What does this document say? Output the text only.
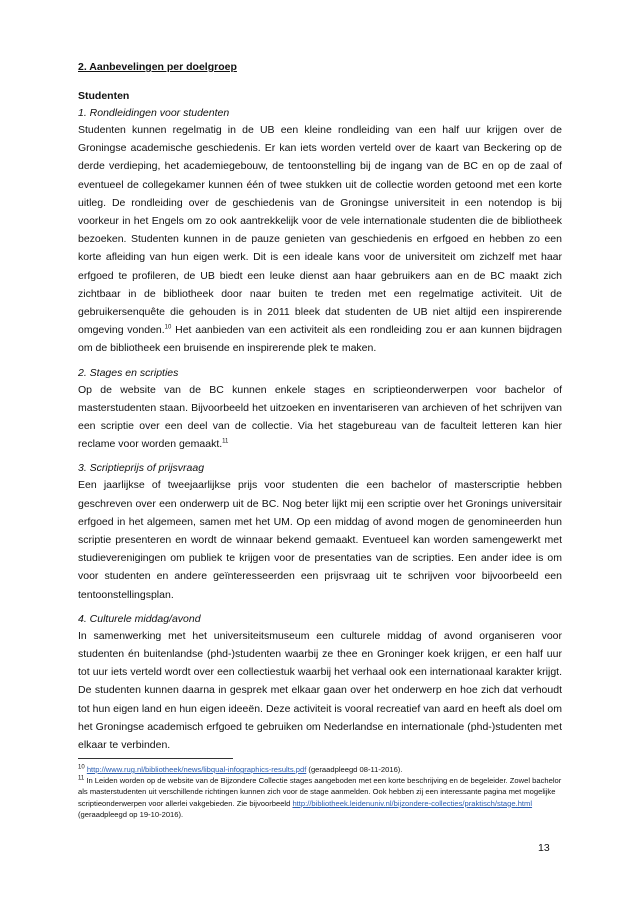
2. Aanbevelingen per doelgroep
Studenten
1. Rondleidingen voor studenten

Studenten kunnen regelmatig in de UB een kleine rondleiding van een half uur krijgen over de Groningse academische geschiedenis. Er kan iets worden verteld over de kaart van Beckering op de derde verdieping, het academiegebouw, de tentoonstelling bij de ingang van de BC en op de zaal of eventueel de collegekamer kunnen één of twee stukken uit de collectie worden getoond met een korte uitleg. De rondleiding over de geschiedenis van de Groningse universiteit in een notendop is bij voorkeur in het Engels om zo ook aantrekkelijk voor de vele internationale studenten die de bibliotheek bezoeken. Studenten kunnen in de pauze genieten van geschiedenis en erfgoed en hebben zo een korte afleiding van hun eigen werk. Dit is een ideale kans voor de universiteit om zichzelf met haar erfgoed te profileren, de UB biedt een leuke dienst aan haar gebruikers aan en de BC maakt zich zichtbaar in de bibliotheek door naar buiten te treden met een regelmatige activiteit. Uit de gebruikersenquête die gehouden is in 2011 bleek dat studenten de UB niet altijd een inspirerende omgeving vonden.$^{10}$ Het aanbieden van een activiteit als een rondleiding zou er aan kunnen bijdragen om de bibliotheek een bruisende en inspirerende plek te maken.

2. Stages en scripties

Op de website van de BC kunnen enkele stages en scriptieonderwerpen voor bachelor of masterstudenten staan. Bijvoorbeeld het uitzoeken en inventariseren van archieven of het schrijven van een scriptie over een deel van de collectie. Via het stagebureau van de faculteit letteren kan hier reclame voor worden gemaakt.$^{11}$

3. Scriptieprijs of prijsvraag

Een jaarlijkse of tweejaarlijkse prijs voor studenten die een bachelor of masterscriptie hebben geschreven over een onderwerp uit de BC. Nog beter lijkt mij een scriptie over het Gronings universitair erfgoed in het algemeen, samen met het UM. Op een middag of avond mogen de genomineerden hun scriptie presenteren en wordt de winnaar bekend gemaakt. Eventueel kan worden samengewerkt met studieverenigingen om publiek te krijgen voor de presentaties van de scripties. Een ander idee is om voor studenten en andere geïnteresseerden een prijsvraag uit te schrijven voor bijvoorbeeld een tentoonstellingsplan.

4. Culturele middag/avond

In samenwerking met het universiteitsmuseum een culturele middag of avond organiseren voor studenten én buitenlandse (phd-)studenten waarbij ze thee en Groninger koek krijgen, er een half uur tot uur iets verteld wordt over een collectiestuk waarbij het verhaal ook een internationaal karakter krijgt. De studenten kunnen daarna in gesprek met elkaar gaan over het onderwerp en hoe zich dat verhoudt tot hun eigen land en hun eigen ideeën. Deze activiteit is vooral recreatief van aard en heeft als doel om het Groningse academisch erfgoed te gebruiken om Nederlandse en internationale (phd-)studenten met elkaar te verbinden.

$^{10}$ http://www.rug.nl/bibliotheek/news/libqual-infographics-results.pdf (geraadpleegd 08-11-2016).

$^{11}$ In Leiden worden op de website van de Bijzondere Collectie stages aangeboden met een korte beschrijving en de begeleider. Zowel bachelor als masterstudenten uit verschillende richtingen kunnen zich voor de stage aanmelden. Ook hebben zij een interessante pagina met mogelijke scriptieonderwerpen voor allerlei vakgebieden. Zie bijvoorbeeld http://bibliotheek.leidenuniv.nl/bijzondere-collecties/praktisch/stage.html (geraadpleegd op 19-10-2016).

13
